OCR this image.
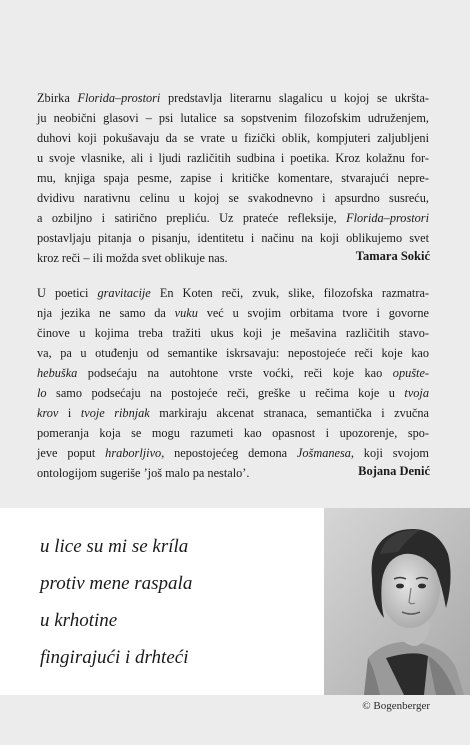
Zbirka Florida–prostori predstavlja literarnu slagalicu u kojoj se ukršta-
ju neobični glasovi – psi lutalice sa sopstvenim filozofskim udruženjem,
duhovi koji pokušavaju da se vrate u fizički oblik, kompjuteri zaljubljeni
u svoje vlasnike, ali i ljudi različitih sudbina i poetika. Kroz kolažnu for-
mu, knjiga spaja pesme, zapise i kritičke komentare, stvarajući nepre-
dvidivu narativnu celinu u kojoj se svakodnevno i apsurdno susreću,
a ozbiljno i satirično prepliću. Uz prateće refleksije, Florida–prostori
postavljaju pitanja o pisanju, identitetu i načinu na koji oblikujemo svet
kroz reči – ili možda svet oblikuje nas.	Tamara Sokić
U poetici gravitacije En Koten reči, zvuk, slike, filozofska razmatra-
nja jezika ne samo da vuku već u svojim orbitama tvore i govorne
činove u kojima treba tražiti ukus koji je mešavina različitih stavo-
va, pa u otuđenju od semantike iskrsavaju: nepostojeće reči koje kao
hebuška podsećaju na autohtone vrste voćki, reči koje kao opušte-
lo samo podsećaju na postojeće reči, greške u rečima koje u tvoja
krov i tvoje ribnjak markiraju akcenat stranaca, semantička i zvučna
pomeranja koja se mogu razumeti kao opasnost i upozorenje, spo-
jeve poput hraborljivo, nepostojećeg demona Jošmanesa, koji svojom
ontologijom sugeriše ’još malo pa nestalo’.	Bojana Denić
u lice su mi se kríla
protiv mene raspala
u krhotine
fingirajući i drhteći
© Bogenberger
